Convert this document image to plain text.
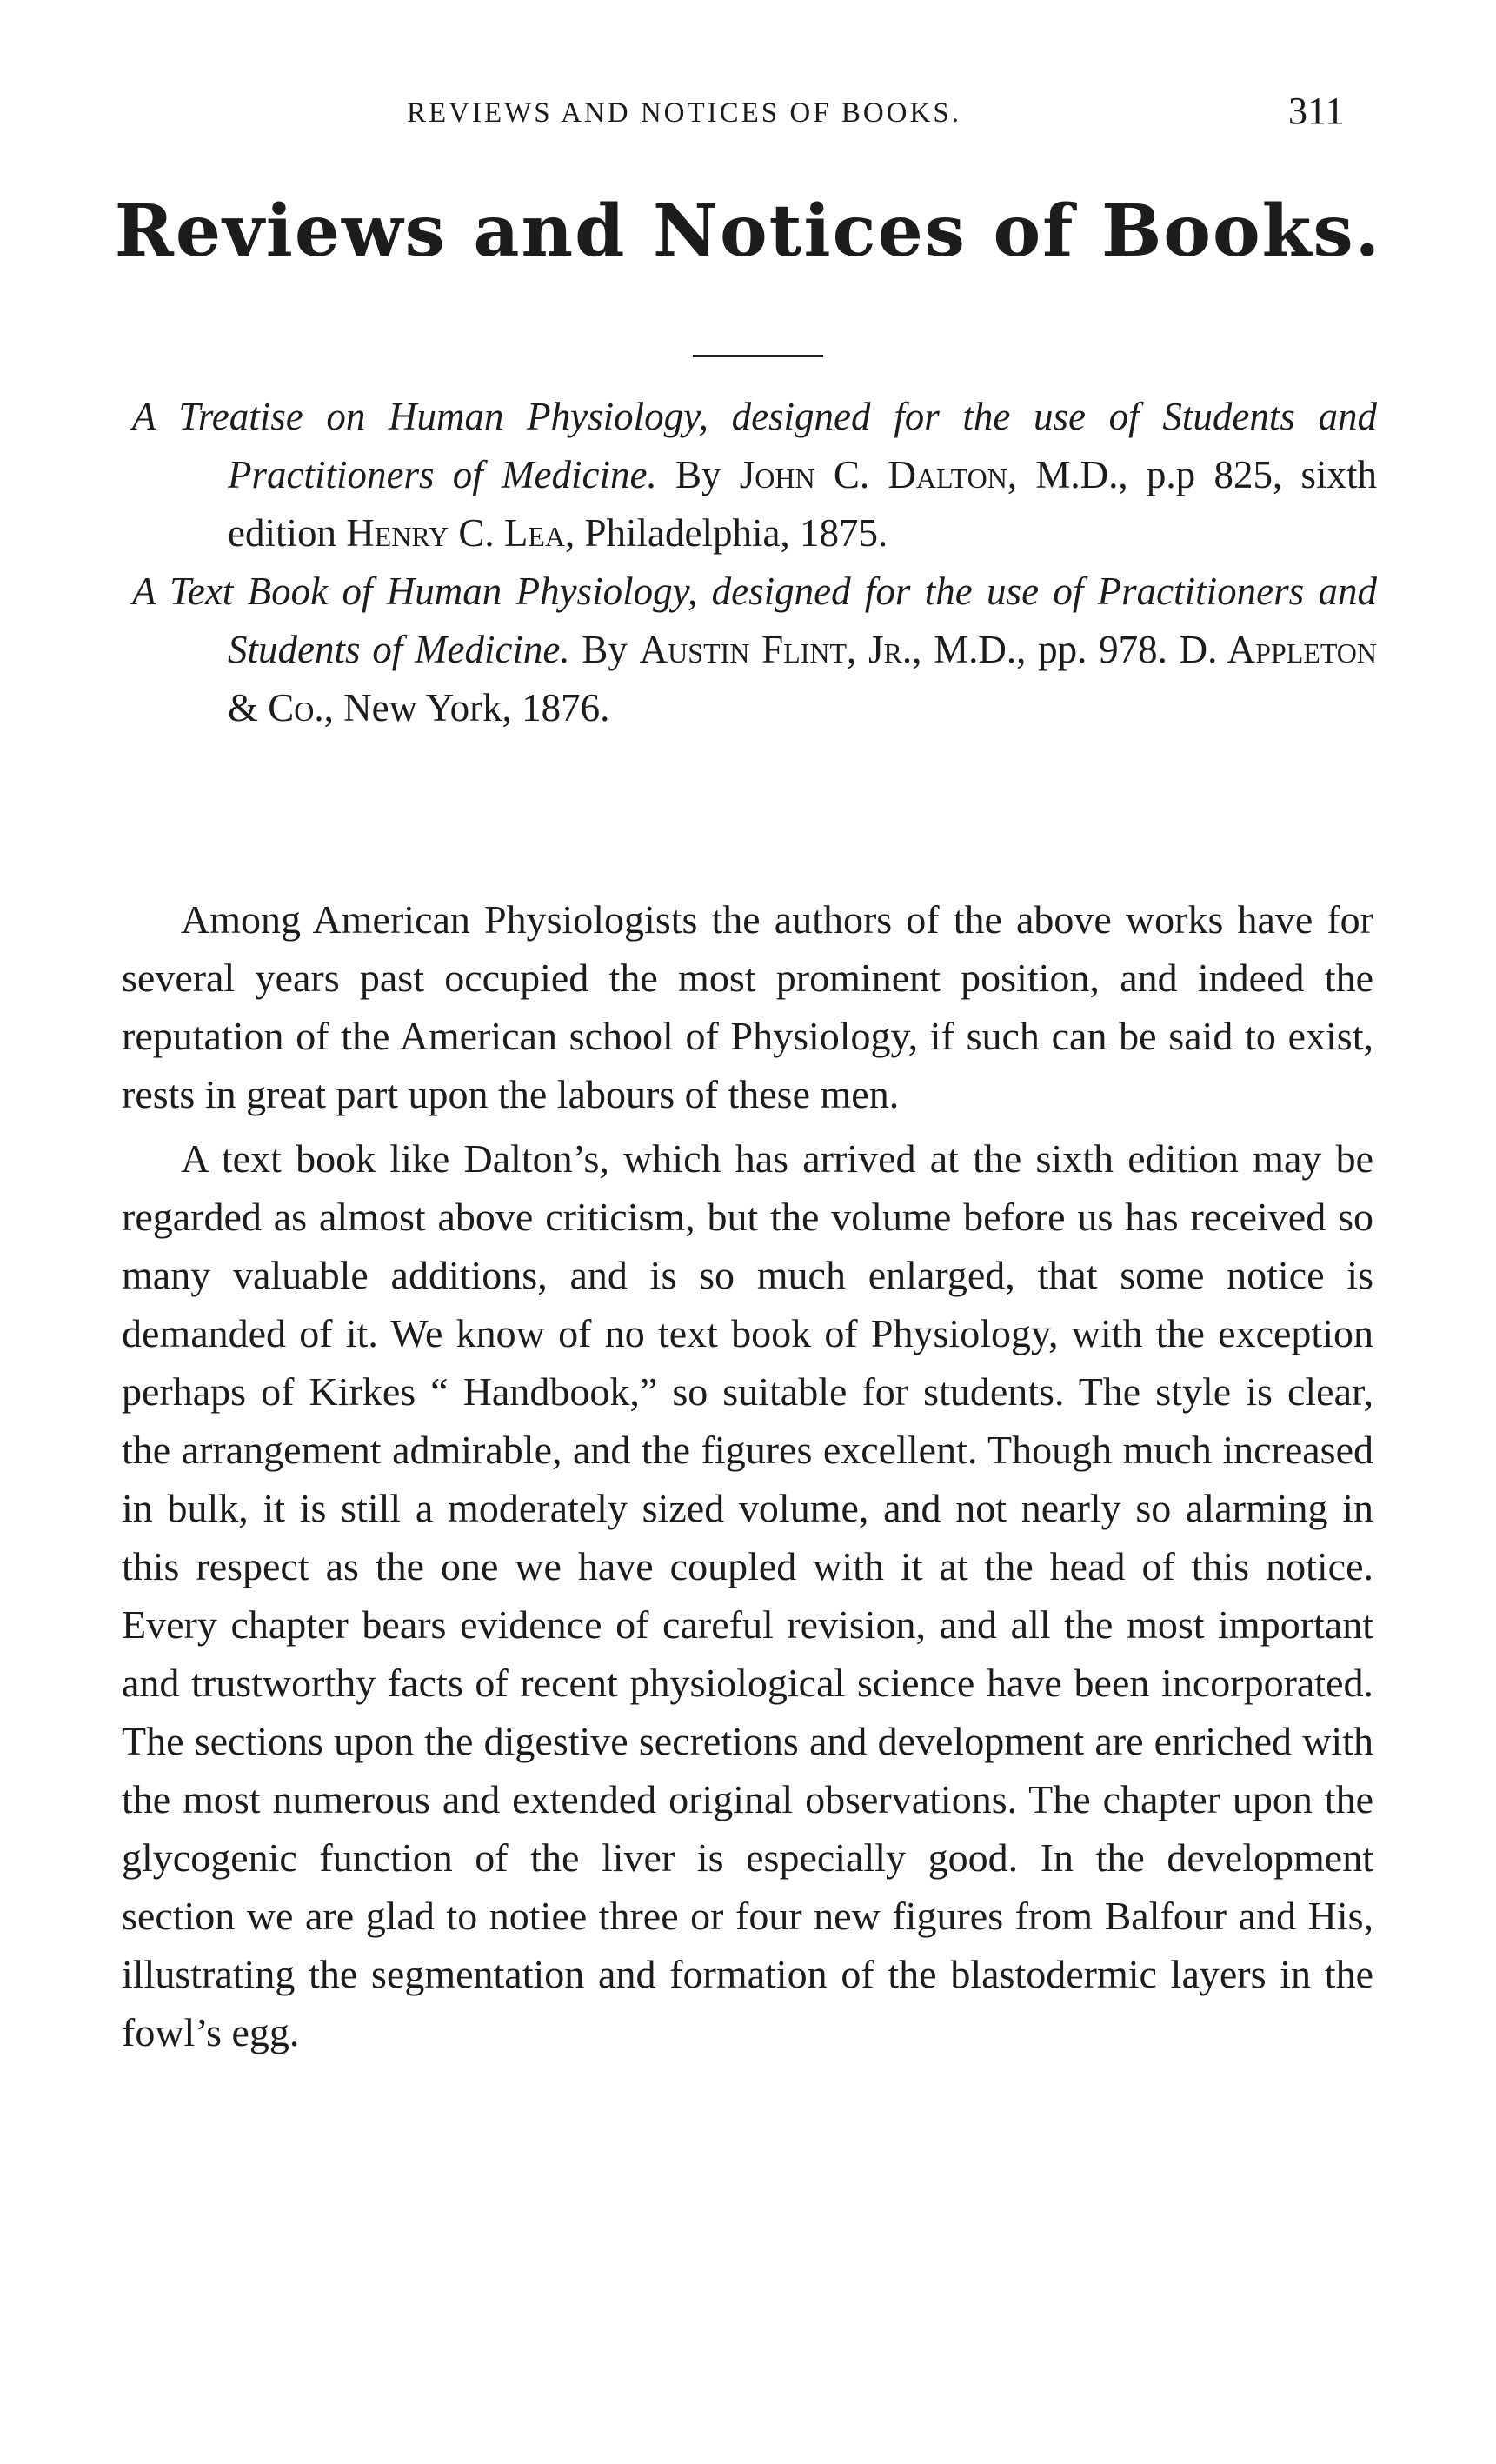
REVIEWS AND NOTICES OF BOOKS.	311
Reviews and Notices of Books.
A Treatise on Human Physiology, designed for the use of Students and Practitioners of Medicine. By John C. Dalton, M.D., p.p 825, sixth edition Henry C. Lea, Philadelphia, 1875.
A Text Book of Human Physiology, designed for the use of Practitioners and Students of Medicine. By Austin Flint, Jr., M.D., pp. 978. D. Appleton & Co., New York, 1876.

Among American Physiologists the authors of the above works have for several years past occupied the most prominent position, and indeed the reputation of the American school of Physiology, if such can be said to exist, rests in great part upon the labours of these men.

A text book like Dalton’s, which has arrived at the sixth edition may be regarded as almost above criticism, but the volume before us has received so many valuable additions, and is so much enlarged, that some notice is demanded of it. We know of no text book of Physiology, with the exception perhaps of Kirkes “ Handbook,” so suitable for students. The style is clear, the arrangement admirable, and the figures excellent. Though much increased in bulk, it is still a moderately sized volume, and not nearly so alarming in this respect as the one we have coupled with it at the head of this notice. Every chapter bears evidence of careful revision, and all the most important and trustworthy facts of recent physiological science have been incorporated. The sections upon the digestive secretions and development are enriched with the most numerous and extended original observations. The chapter upon the glycogenic function of the liver is especially good. In the development section we are glad to notiee three or four new figures from Balfour and His, illustrating the segmentation and formation of the blastodermic layers in the fowl’s egg.
